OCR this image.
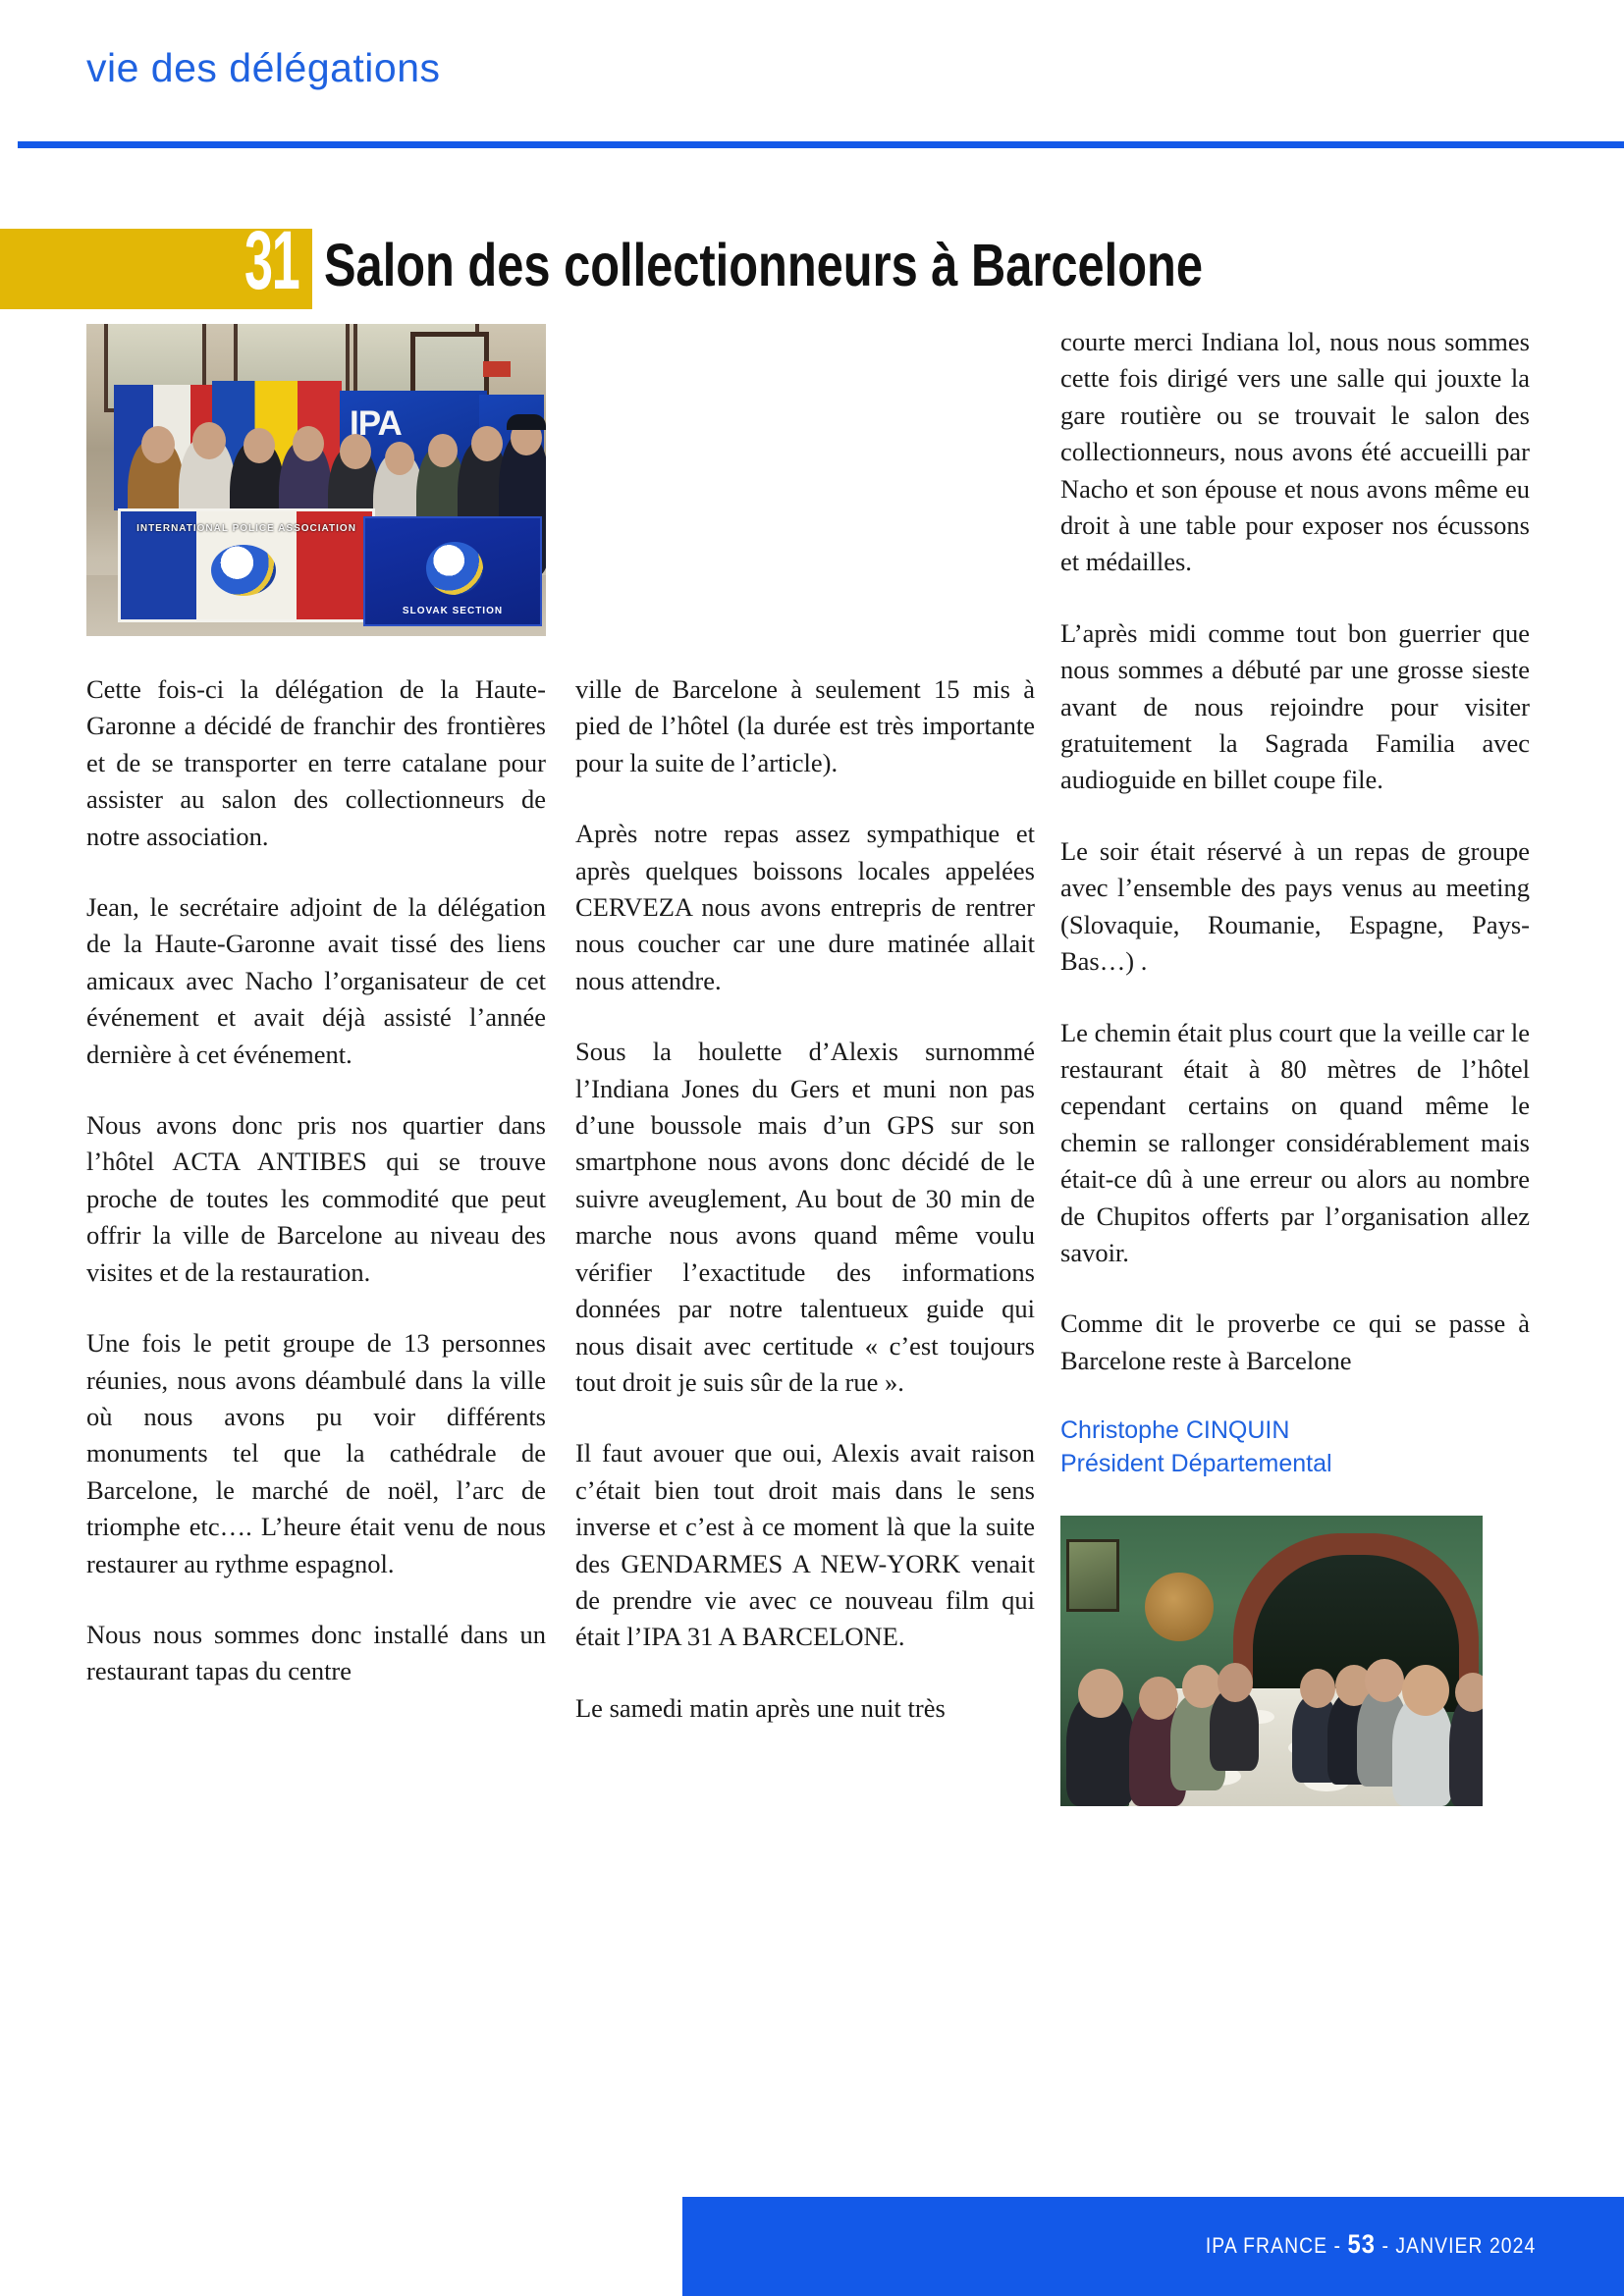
vie des délégations
31 Salon des collectionneurs à Barcelone
IPA
INTERNATIONAL POLICE ASSOCIATION
SLOVAK SECTION

Cette fois-ci la délégation de la Haute-Garonne a décidé de franchir des frontières et de se transporter en terre catalane pour assister au salon des collectionneurs de notre association.

Jean, le secrétaire adjoint de la délégation de la Haute-Garonne avait tissé des liens amicaux avec Nacho l’organisateur de cet événement et avait déjà assisté l’année dernière à cet événement.

Nous avons donc pris nos quartier dans l’hôtel ACTA ANTIBES qui se trouve proche de toutes les commodité que peut offrir la ville de Barcelone au niveau des visites et de la restauration.

Une fois le petit groupe de 13 personnes réunies, nous avons déambulé dans la ville où nous avons pu voir différents monuments tel que la cathédrale de Barcelone, le marché de noël, l’arc de triomphe etc…. L’heure était venu de nous restaurer au rythme espagnol.

Nous nous sommes donc installé dans un restaurant tapas du centre

ville de Barcelone à seulement 15 mis à pied de l’hôtel (la durée est très importante pour la suite de l’article).

Après notre repas assez sympathique et après quelques boissons locales appelées CERVEZA nous avons entrepris de rentrer nous coucher car une dure matinée allait nous attendre.

Sous la houlette d’Alexis surnommé l’Indiana Jones du Gers et muni non pas d’une boussole mais d’un GPS sur son smartphone nous avons donc décidé de le suivre aveuglement, Au bout de 30 min de marche nous avons quand même voulu vérifier l’exactitude des informations données par notre talentueux guide qui nous disait avec certitude « c’est toujours tout droit je suis sûr de la rue ».

Il faut avouer que oui, Alexis avait raison c’était bien tout droit mais dans le sens inverse et c’est à ce moment là que la suite des GENDARMES A NEW-YORK venait de prendre vie avec ce nouveau film qui était l’IPA 31 A BARCELONE.

Le samedi matin après une nuit très

courte merci Indiana lol, nous nous sommes cette fois dirigé vers une salle qui jouxte la gare routière ou se trouvait le salon des collectionneurs, nous avons été accueilli par Nacho et son épouse et nous avons même eu droit à une table pour exposer nos écussons et médailles.

L’après midi comme tout bon guerrier que nous sommes a débuté par une grosse sieste avant de nous rejoindre pour visiter gratuitement la Sagrada Familia avec audioguide en billet coupe file.

Le soir était réservé à un repas de groupe avec l’ensemble des pays venus au meeting (Slovaquie, Roumanie, Espagne, Pays-Bas…) .

Le chemin était plus court que la veille car le restaurant était à 80 mètres de l’hôtel cependant certains on quand même le chemin se rallonger considérablement mais était-ce dû à une erreur ou alors au nombre de Chupitos offerts par l’organisation allez savoir.

Comme dit le proverbe ce qui se passe à Barcelone reste à Barcelone

Christophe CINQUIN
Président Départemental
IPA FRANCE - 53 - JANVIER 2024
